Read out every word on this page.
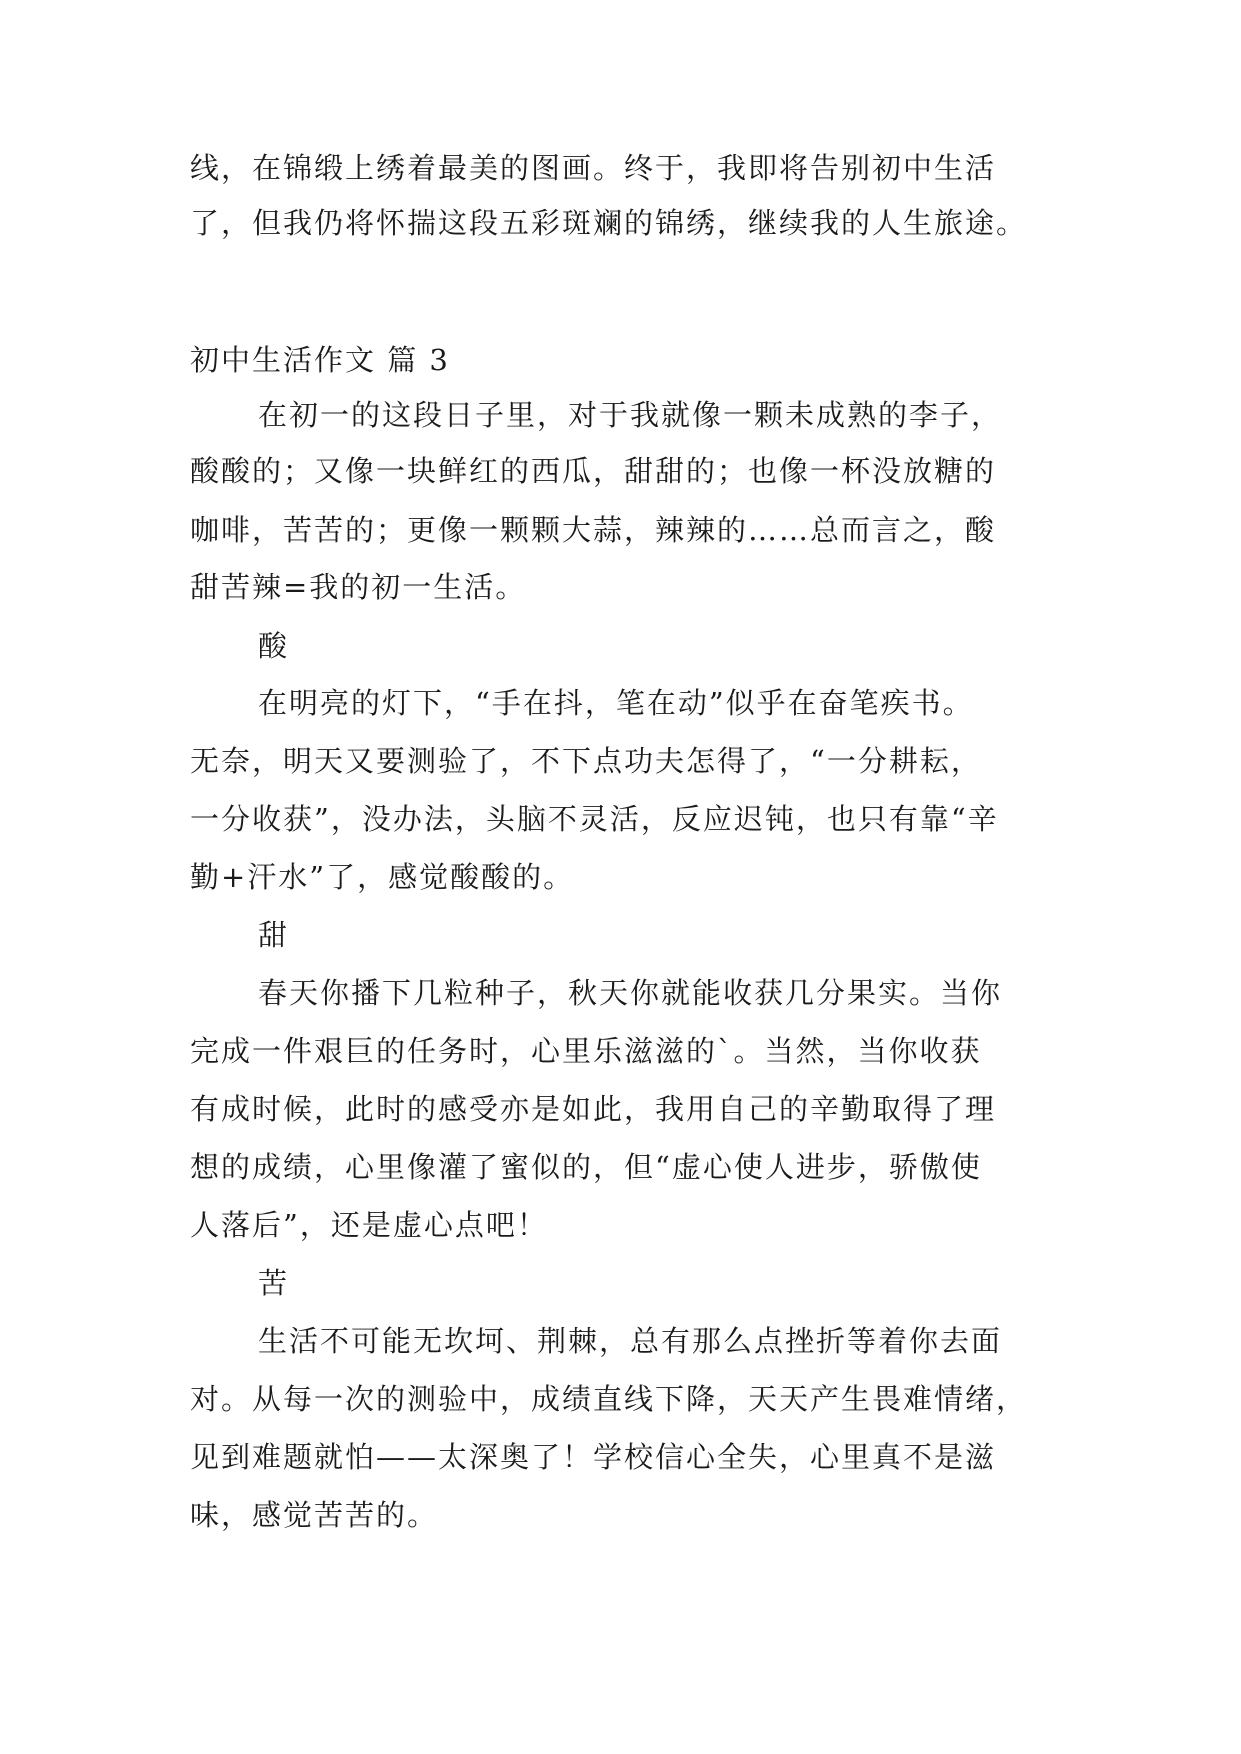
线，在锦缎上绣着最美的图画。终于，我即将告别初中生活
了，但我仍将怀揣这段五彩斑斓的锦绣，继续我的人生旅途。
初中生活作文 篇 3
在初一的这段日子里，对于我就像一颗未成熟的李子，
酸酸的；又像一块鲜红的西瓜，甜甜的；也像一杯没放糖的
咖啡，苦苦的；更像一颗颗大蒜，辣辣的……总而言之，酸
甜苦辣=我的初一生活。
酸
在明亮的灯下，“手在抖，笔在动”似乎在奋笔疾书。
无奈，明天又要测验了，不下点功夫怎得了，“一分耕耘，
一分收获”，没办法，头脑不灵活，反应迟钝，也只有靠“辛
勤+汗水”了，感觉酸酸的。
甜
春天你播下几粒种子，秋天你就能收获几分果实。当你
完成一件艰巨的任务时，心里乐滋滋的`。当然，当你收获
有成时候，此时的感受亦是如此，我用自己的辛勤取得了理
想的成绩，心里像灌了蜜似的，但“虚心使人进步，骄傲使
人落后”，还是虚心点吧！
苦
生活不可能无坎坷、荆棘，总有那么点挫折等着你去面
对。从每一次的测验中，成绩直线下降，天天产生畏难情绪，
见到难题就怕——太深奥了！学校信心全失，心里真不是滋
味，感觉苦苦的。
